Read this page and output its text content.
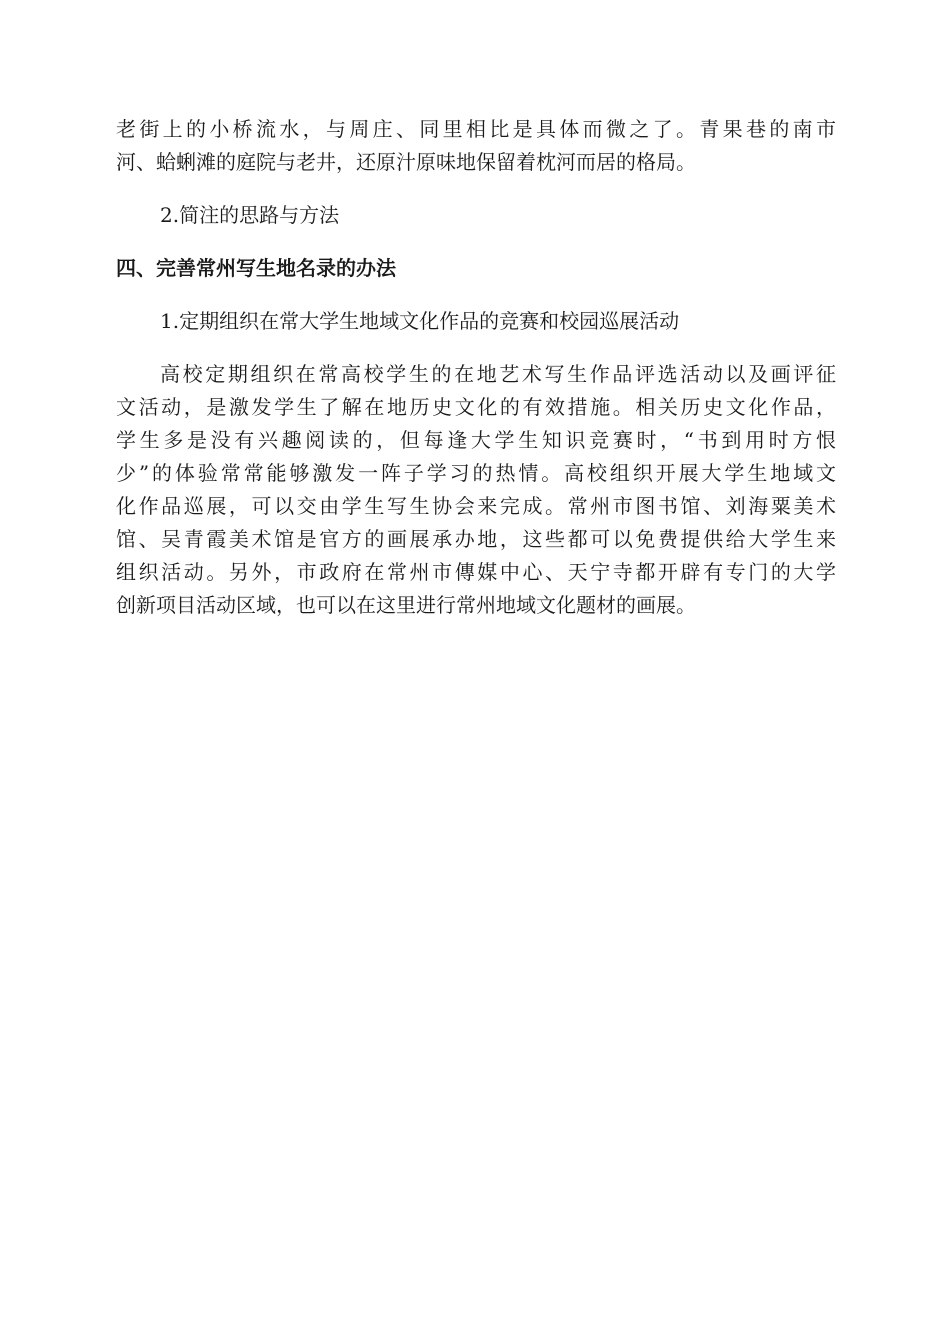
老街上的小桥流水，与周庄、同里相比是具体而微之了。青果巷的南市
河、蛤蜊滩的庭院与老井，还原汁原味地保留着枕河而居的格局。
2.简注的思路与方法
四、完善常州写生地名录的办法
1.定期组织在常大学生地域文化作品的竞赛和校园巡展活动
高校定期组织在常高校学生的在地艺术写生作品评选活动以及画评征
文活动，是激发学生了解在地历史文化的有效措施。相关历史文化作品，
学生多是没有兴趣阅读的，但每逢大学生知识竞赛时，“书到用时方恨
少”的体验常常能够激发一阵子学习的热情。高校组织开展大学生地域文
化作品巡展，可以交由学生写生协会来完成。常州市图书馆、刘海粟美术
馆、吴青霞美术馆是官方的画展承办地，这些都可以免费提供给大学生来
组织活动。另外，市政府在常州市傳媒中心、天宁寺都开辟有专门的大学
创新项目活动区域，也可以在这里进行常州地域文化题材的画展。
